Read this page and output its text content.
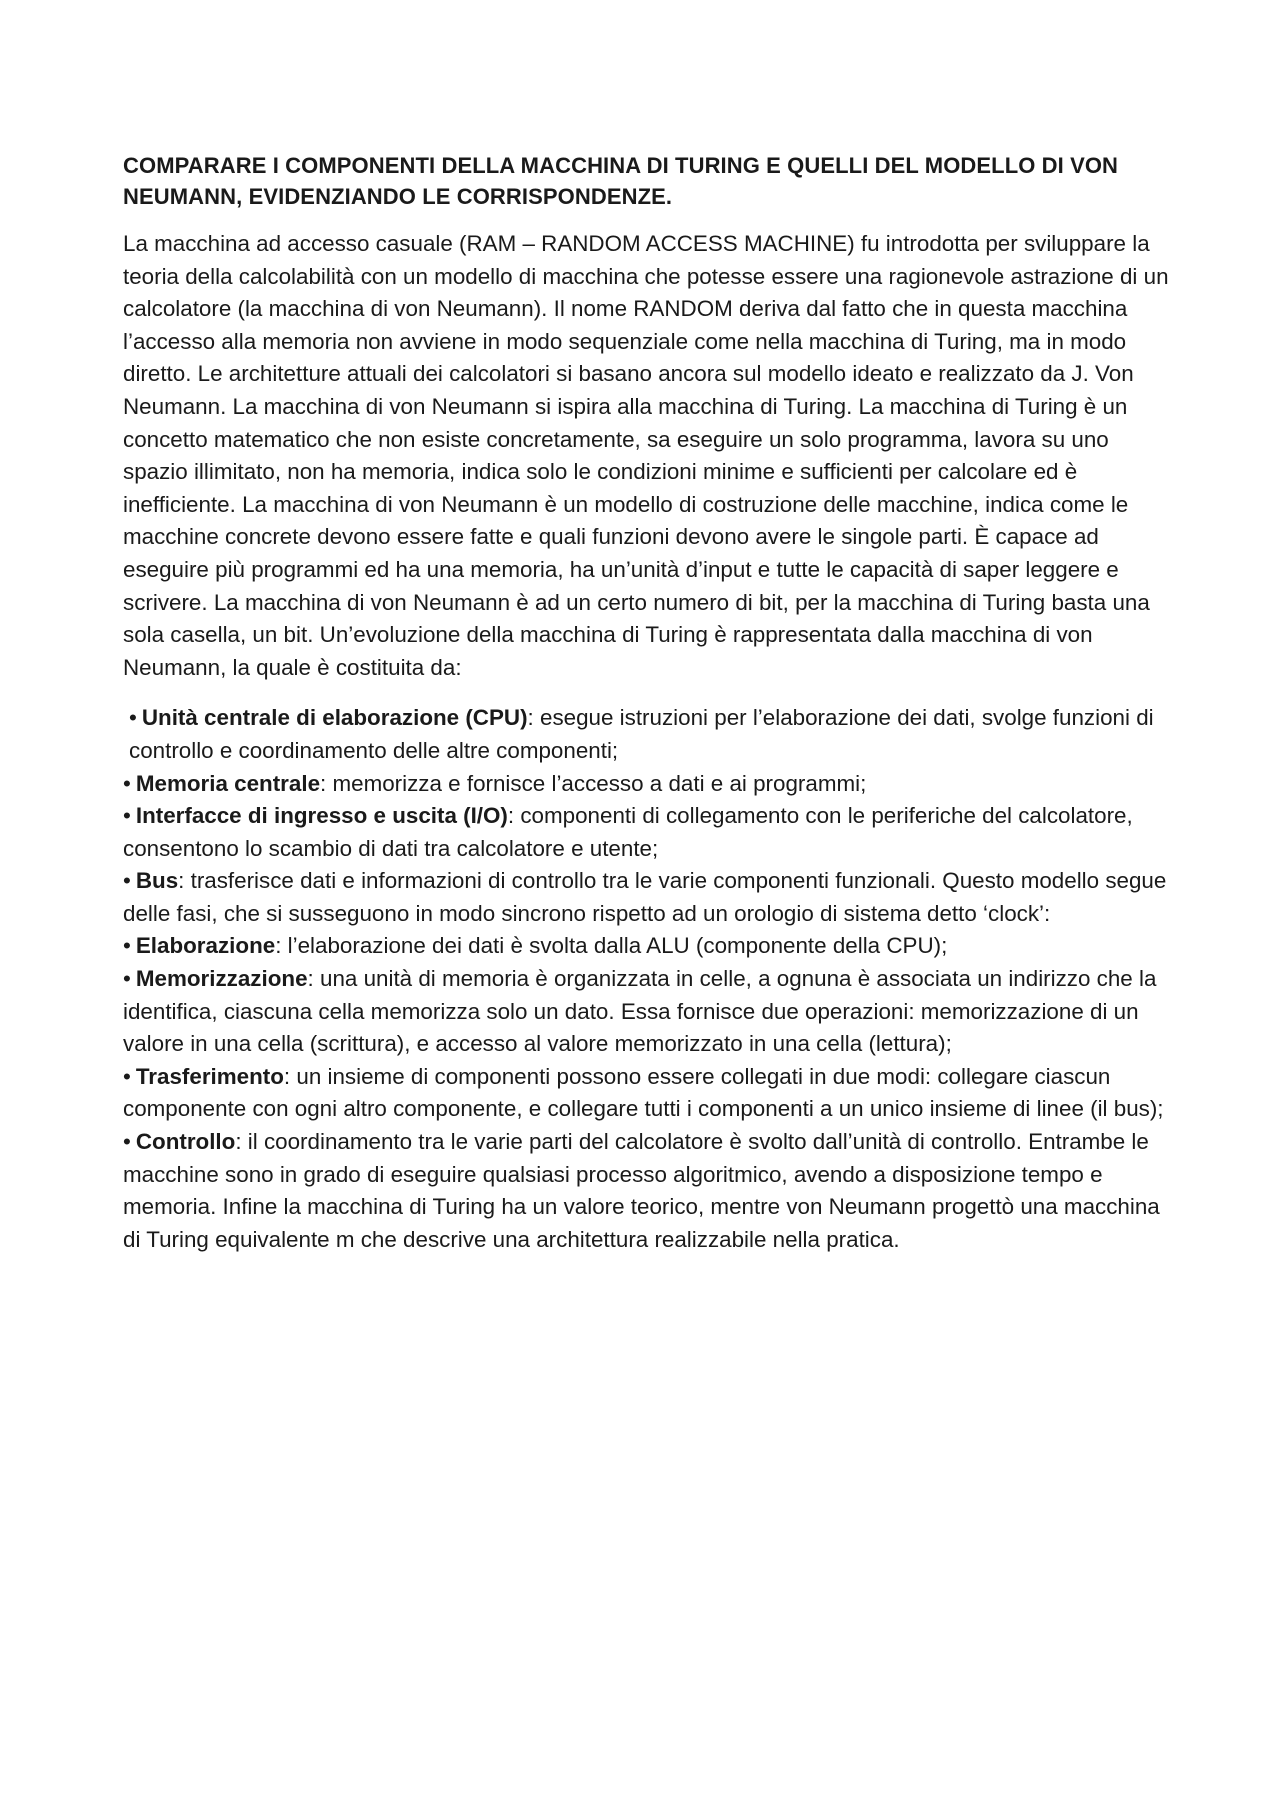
COMPARARE I COMPONENTI DELLA MACCHINA DI TURING E QUELLI DEL MODELLO DI VON NEUMANN, EVIDENZIANDO LE CORRISPONDENZE.

La macchina ad accesso casuale (RAM – RANDOM ACCESS MACHINE) fu introdotta per sviluppare la teoria della calcolabilità con un modello di macchina che potesse essere una ragionevole astrazione di un calcolatore (la macchina di von Neumann). Il nome RANDOM deriva dal fatto che in questa macchina l’accesso alla memoria non avviene in modo sequenziale come nella macchina di Turing, ma in modo diretto. Le architetture attuali dei calcolatori si basano ancora sul modello ideato e realizzato da J. Von Neumann. La macchina di von Neumann si ispira alla macchina di Turing. La macchina di Turing è un concetto matematico che non esiste concretamente, sa eseguire un solo programma, lavora su uno spazio illimitato, non ha memoria, indica solo le condizioni minime e sufficienti per calcolare ed è inefficiente. La macchina di von Neumann è un modello di costruzione delle macchine, indica come le macchine concrete devono essere fatte e quali funzioni devono avere le singole parti. È capace ad eseguire più programmi ed ha una memoria, ha un’unità d’input e tutte le capacità di saper leggere e scrivere. La macchina di von Neumann è ad un certo numero di bit, per la macchina di Turing basta una sola casella, un bit. Un’evoluzione della macchina di Turing è rappresentata dalla macchina di von Neumann, la quale è costituita da:

• Unità centrale di elaborazione (CPU): esegue istruzioni per l’elaborazione dei dati, svolge funzioni di controllo e coordinamento delle altre componenti;

• Memoria centrale: memorizza e fornisce l’accesso a dati e ai programmi;

• Interfacce di ingresso e uscita (I/O): componenti di collegamento con le periferiche del calcolatore, consentono lo scambio di dati tra calcolatore e utente;

• Bus: trasferisce dati e informazioni di controllo tra le varie componenti funzionali. Questo modello segue delle fasi, che si susseguono in modo sincrono rispetto ad un orologio di sistema detto ‘clock’:

• Elaborazione: l’elaborazione dei dati è svolta dalla ALU (componente della CPU);

• Memorizzazione: una unità di memoria è organizzata in celle, a ognuna è associata un indirizzo che la identifica, ciascuna cella memorizza solo un dato. Essa fornisce due operazioni: memorizzazione di un valore in una cella (scrittura), e accesso al valore memorizzato in una cella (lettura);

• Trasferimento: un insieme di componenti possono essere collegati in due modi: collegare ciascun componente con ogni altro componente, e collegare tutti i componenti a un unico insieme di linee (il bus);

• Controllo: il coordinamento tra le varie parti del calcolatore è svolto dall’unità di controllo. Entrambe le macchine sono in grado di eseguire qualsiasi processo algoritmico, avendo a disposizione tempo e memoria. Infine la macchina di Turing ha un valore teorico, mentre von Neumann progettò una macchina di Turing equivalente m che descrive una architettura realizzabile nella pratica.
